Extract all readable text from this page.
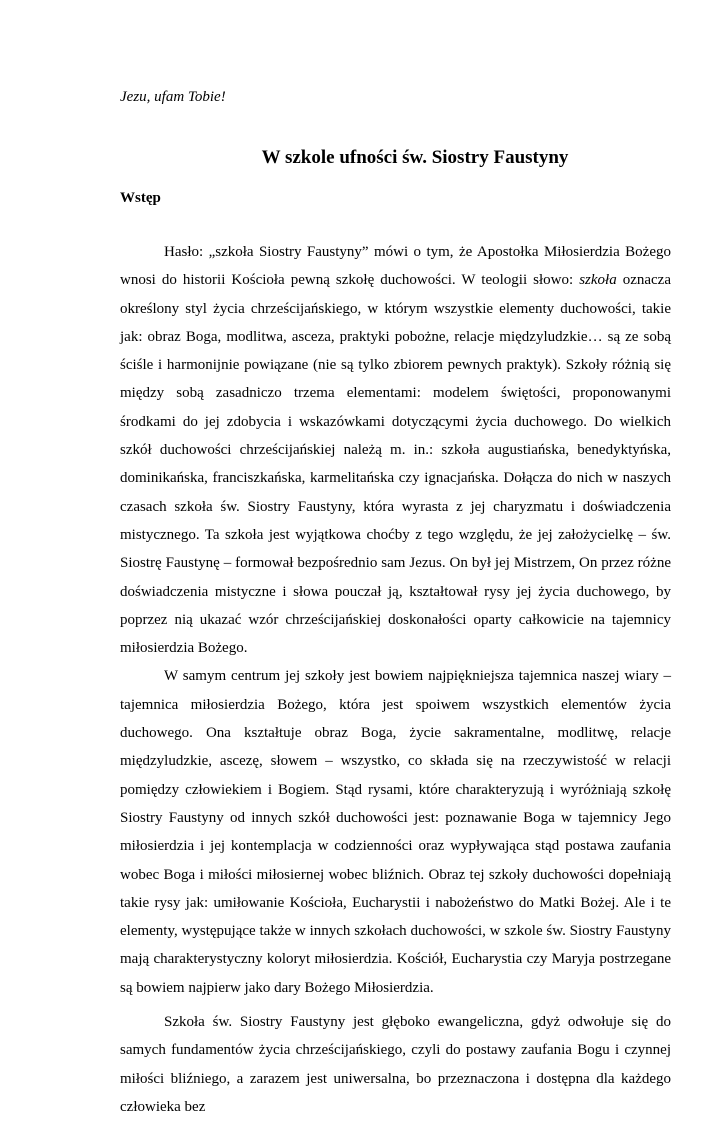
Jezu, ufam Tobie!

W szkole ufności św. Siostry Faustyny
Wstęp

Hasło: „szkoła Siostry Faustyny” mówi o tym, że Apostołka Miłosierdzia Bożego wnosi do historii Kościoła pewną szkołę duchowości. W teologii słowo: szkoła oznacza określony styl życia chrześcijańskiego, w którym wszystkie elementy duchowości, takie jak: obraz Boga, modlitwa, asceza, praktyki pobożne, relacje międzyludzkie… są ze sobą ściśle i harmonijnie powiązane (nie są tylko zbiorem pewnych praktyk). Szkoły różnią się między sobą zasadniczo trzema elementami: modelem świętości, proponowanymi środkami do jej zdobycia i wskazówkami dotyczącymi życia duchowego. Do wielkich szkół duchowości chrześcijańskiej należą m. in.: szkoła augustiańska, benedyktyńska, dominikańska, franciszkańska, karmelitańska czy ignacjańska. Dołącza do nich w naszych czasach szkoła św. Siostry Faustyny, która wyrasta z jej charyzmatu i doświadczenia mistycznego. Ta szkoła jest wyjątkowa choćby z tego względu, że jej założycielkę – św. Siostrę Faustynę – formował bezpośrednio sam Jezus. On był jej Mistrzem, On przez różne doświadczenia mistyczne i słowa pouczał ją, kształtował rysy jej życia duchowego, by poprzez nią ukazać wzór chrześcijańskiej doskonałości oparty całkowicie na tajemnicy miłosierdzia Bożego.

W samym centrum jej szkoły jest bowiem najpiękniejsza tajemnica naszej wiary – tajemnica miłosierdzia Bożego, która jest spoiwem wszystkich elementów życia duchowego. Ona kształtuje obraz Boga, życie sakramentalne, modlitwę, relacje międzyludzkie, ascezę, słowem – wszystko, co składa się na rzeczywistość w relacji pomiędzy człowiekiem i Bogiem. Stąd rysami, które charakteryzują i wyróżniają szkołę Siostry Faustyny od innych szkół duchowości jest: poznawanie Boga w tajemnicy Jego miłosierdzia i jej kontemplacja w codzienności oraz wypływająca stąd postawa zaufania wobec Boga i miłości miłosiernej wobec bliźnich. Obraz tej szkoły duchowości dopełniają takie rysy jak: umiłowanie Kościoła, Eucharystii i nabożeństwo do Matki Bożej. Ale i te elementy, występujące także w innych szkołach duchowości, w szkole św. Siostry Faustyny mają charakterystyczny koloryt miłosierdzia. Kościół, Eucharystia czy Maryja postrzegane są bowiem najpierw jako dary Bożego Miłosierdzia.

Szkoła św. Siostry Faustyny jest głęboko ewangeliczna, gdyż odwołuje się do samych fundamentów życia chrześcijańskiego, czyli do postawy zaufania Bogu i czynnej miłości bliźniego, a zarazem jest uniwersalna, bo przeznaczona i dostępna dla każdego człowieka bez
